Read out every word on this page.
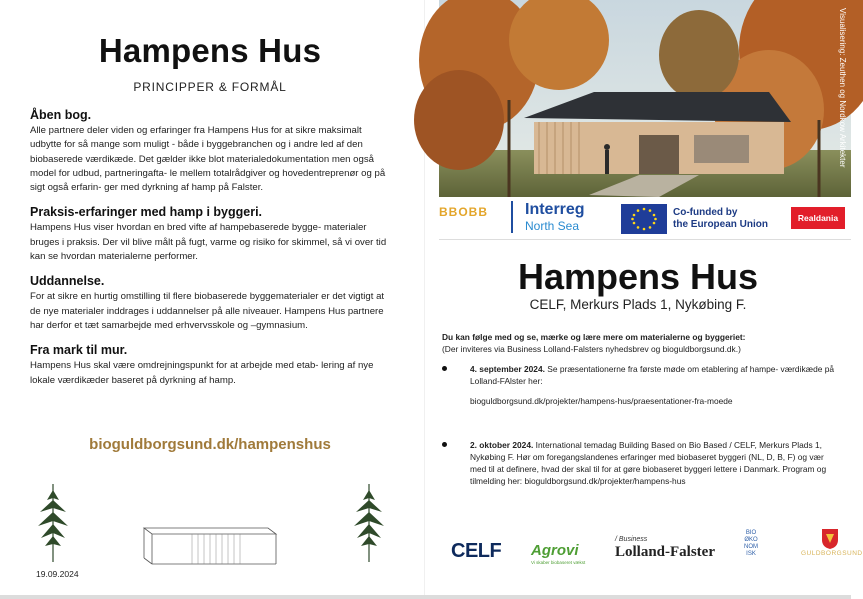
Hampens Hus
PRINCIPPER & FORMÅL
Åben bog.

Alle partnere deler viden og erfaringer fra Hampens Hus for at sikre maksimalt udbytte for så mange som muligt - både i byggebranchen og i andre led af den biobaserede værdikæde. Det gælder ikke blot materialedokumentation men også model for udbud, partneringafta- le mellem totalrådgiver og hovedentreprenør og på sigt også erfarin- ger med dyrkning af hamp på Falster.

Praksis-erfaringer med hamp i byggeri.

Hampens Hus viser hvordan en bred vifte af hampebaserede bygge- materialer bruges i praksis. Der vil blive målt på fugt, varme og risiko for skimmel, så vi over tid kan se hvordan materialerne performer.

Uddannelse.

For at sikre en hurtig omstilling til flere biobaserede byggematerialer er det vigtigt at de nye materialer inddrages i uddannelser på alle niveauer. Hampens Hus partnere har derfor et tæt samarbejde med erhvervsskole og –gymnasium.

Fra mark til mur.

Hampens Hus skal være omdrejningspunkt for at arbejde med etab- lering af nye lokale værdikæder baseret på dyrkning af hamp.

bioguldborgsund.dk/hampenshus
19.09.2024
Visualisering: Zeuthen og Nordkow Arkitekter
BBOBB Interreg
North Sea
Co-funded by
the European Union
Realdania
Hampens Hus
CELF, Merkurs Plads 1, Nykøbing F.
Du kan følge med og se, mærke og lære mere om materialerne og byggeriet:
(Der inviteres via Business Lolland-Falsters nyhedsbrev og bioguldborgsund.dk.)
4. september 2024. Se præsentationerne fra første møde om etablering af hampe- værdikæde på Lolland-FAlster her:
bioguldborgsund.dk/projekter/hampens-hus/praesentationer-fra-moede
2. oktober 2024. International temadag Building Based on Bio Based / CELF, Merkurs Plads 1, Nykøbing F. Hør om foregangslandenes erfaringer med biobaseret byggeri (NL, D, B, F) og vær med til at definere, hvad der skal til for at gøre biobaseret byggeri lettere i Danmark. Program og tilmelding her: bioguldborgsund.dk/projekter/hampens-hus
CELF Agrovi
Vi skaber biobaseret vækst
/ Business
Lolland-Falster
BIO
ØKO
NOM
ISK	GULDBORGSUND
